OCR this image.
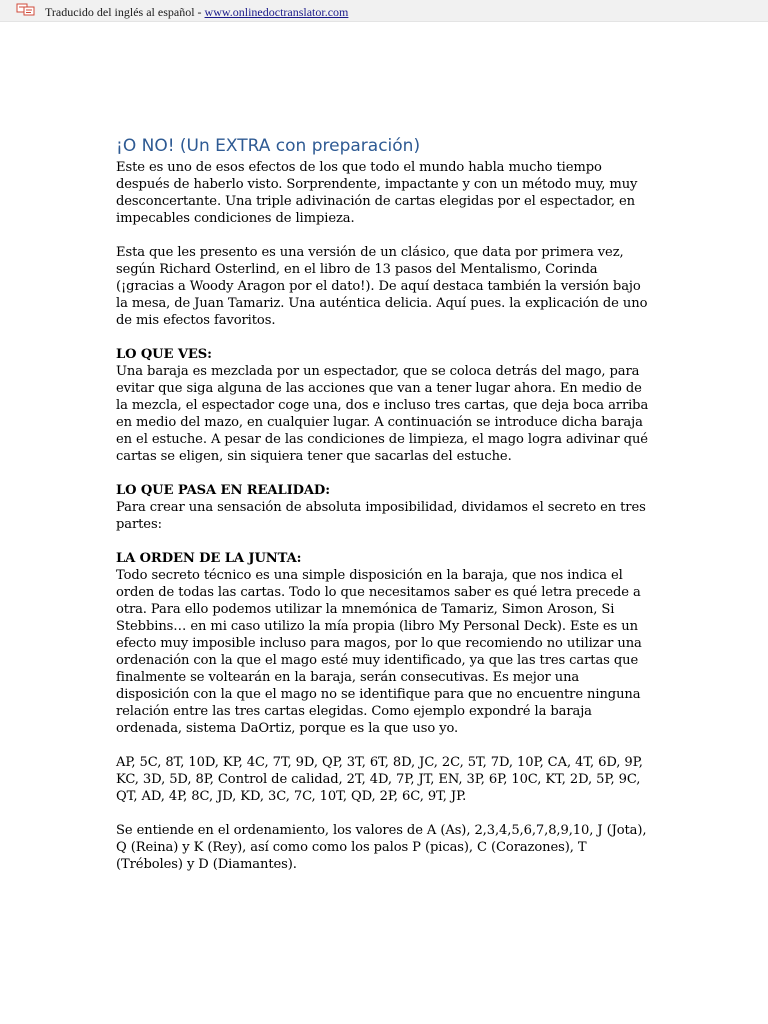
Traducido del inglés al español - www.onlinedoctranslator.com
¡O NO! (Un EXTRA con preparación)

Este es uno de esos efectos de los que todo el mundo habla mucho tiempo después de haberlo visto. Sorprendente, impactante y con un método muy, muy desconcertante. Una triple adivinación de cartas elegidas por el espectador, en impecables condiciones de limpieza.

Esta que les presento es una versión de un clásico, que data por primera vez, según Richard Osterlind, en el libro de 13 pasos del Mentalismo, Corinda (¡gracias a Woody Aragon por el dato!). De aquí destaca también la versión bajo la mesa, de Juan Tamariz. Una auténtica delicia. Aquí pues. la explicación de uno de mis efectos favoritos.

LO QUE VES:
Una baraja es mezclada por un espectador, que se coloca detrás del mago, para evitar que siga alguna de las acciones que van a tener lugar ahora. En medio de la mezcla, el espectador coge una, dos e incluso tres cartas, que deja boca arriba en medio del mazo, en cualquier lugar. A continuación se introduce dicha baraja en el estuche. A pesar de las condiciones de limpieza, el mago logra adivinar qué cartas se eligen, sin siquiera tener que sacarlas del estuche.
LO QUE PASA EN REALIDAD:
Para crear una sensación de absoluta imposibilidad, dividamos el secreto en tres partes:
LA ORDEN DE LA JUNTA:
Todo secreto técnico es una simple disposición en la baraja, que nos indica el orden de todas las cartas. Todo lo que necesitamos saber es qué letra precede a otra. Para ello podemos utilizar la mnemónica de Tamariz, Simon Aroson, Si Stebbins… en mi caso utilizo la mía propia (libro My Personal Deck). Este es un efecto muy imposible incluso para magos, por lo que recomiendo no utilizar una ordenación con la que el mago esté muy identificado, ya que las tres cartas que finalmente se voltearán en la baraja, serán consecutivas. Es mejor una disposición con la que el mago no se identifique para que no encuentre ninguna relación entre las tres cartas elegidas. Como ejemplo expondré la baraja ordenada, sistema DaOrtiz, porque es la que uso yo.

AP, 5C, 8T, 10D, KP, 4C, 7T, 9D, QP, 3T, 6T, 8D, JC, 2C, 5T, 7D, 10P, CA, 4T, 6D, 9P, KC, 3D, 5D, 8P, Control de calidad, 2T, 4D, 7P, JT, EN, 3P, 6P, 10C, KT, 2D, 5P, 9C, QT, AD, 4P, 8C, JD, KD, 3C, 7C, 10T, QD, 2P, 6C, 9T, JP.

Se entiende en el ordenamiento, los valores de A (As), 2,3,4,5,6,7,8,9,10, J (Jota), Q (Reina) y K (Rey), así como como los palos P (picas), C (Corazones), T (Tréboles) y D (Diamantes).
